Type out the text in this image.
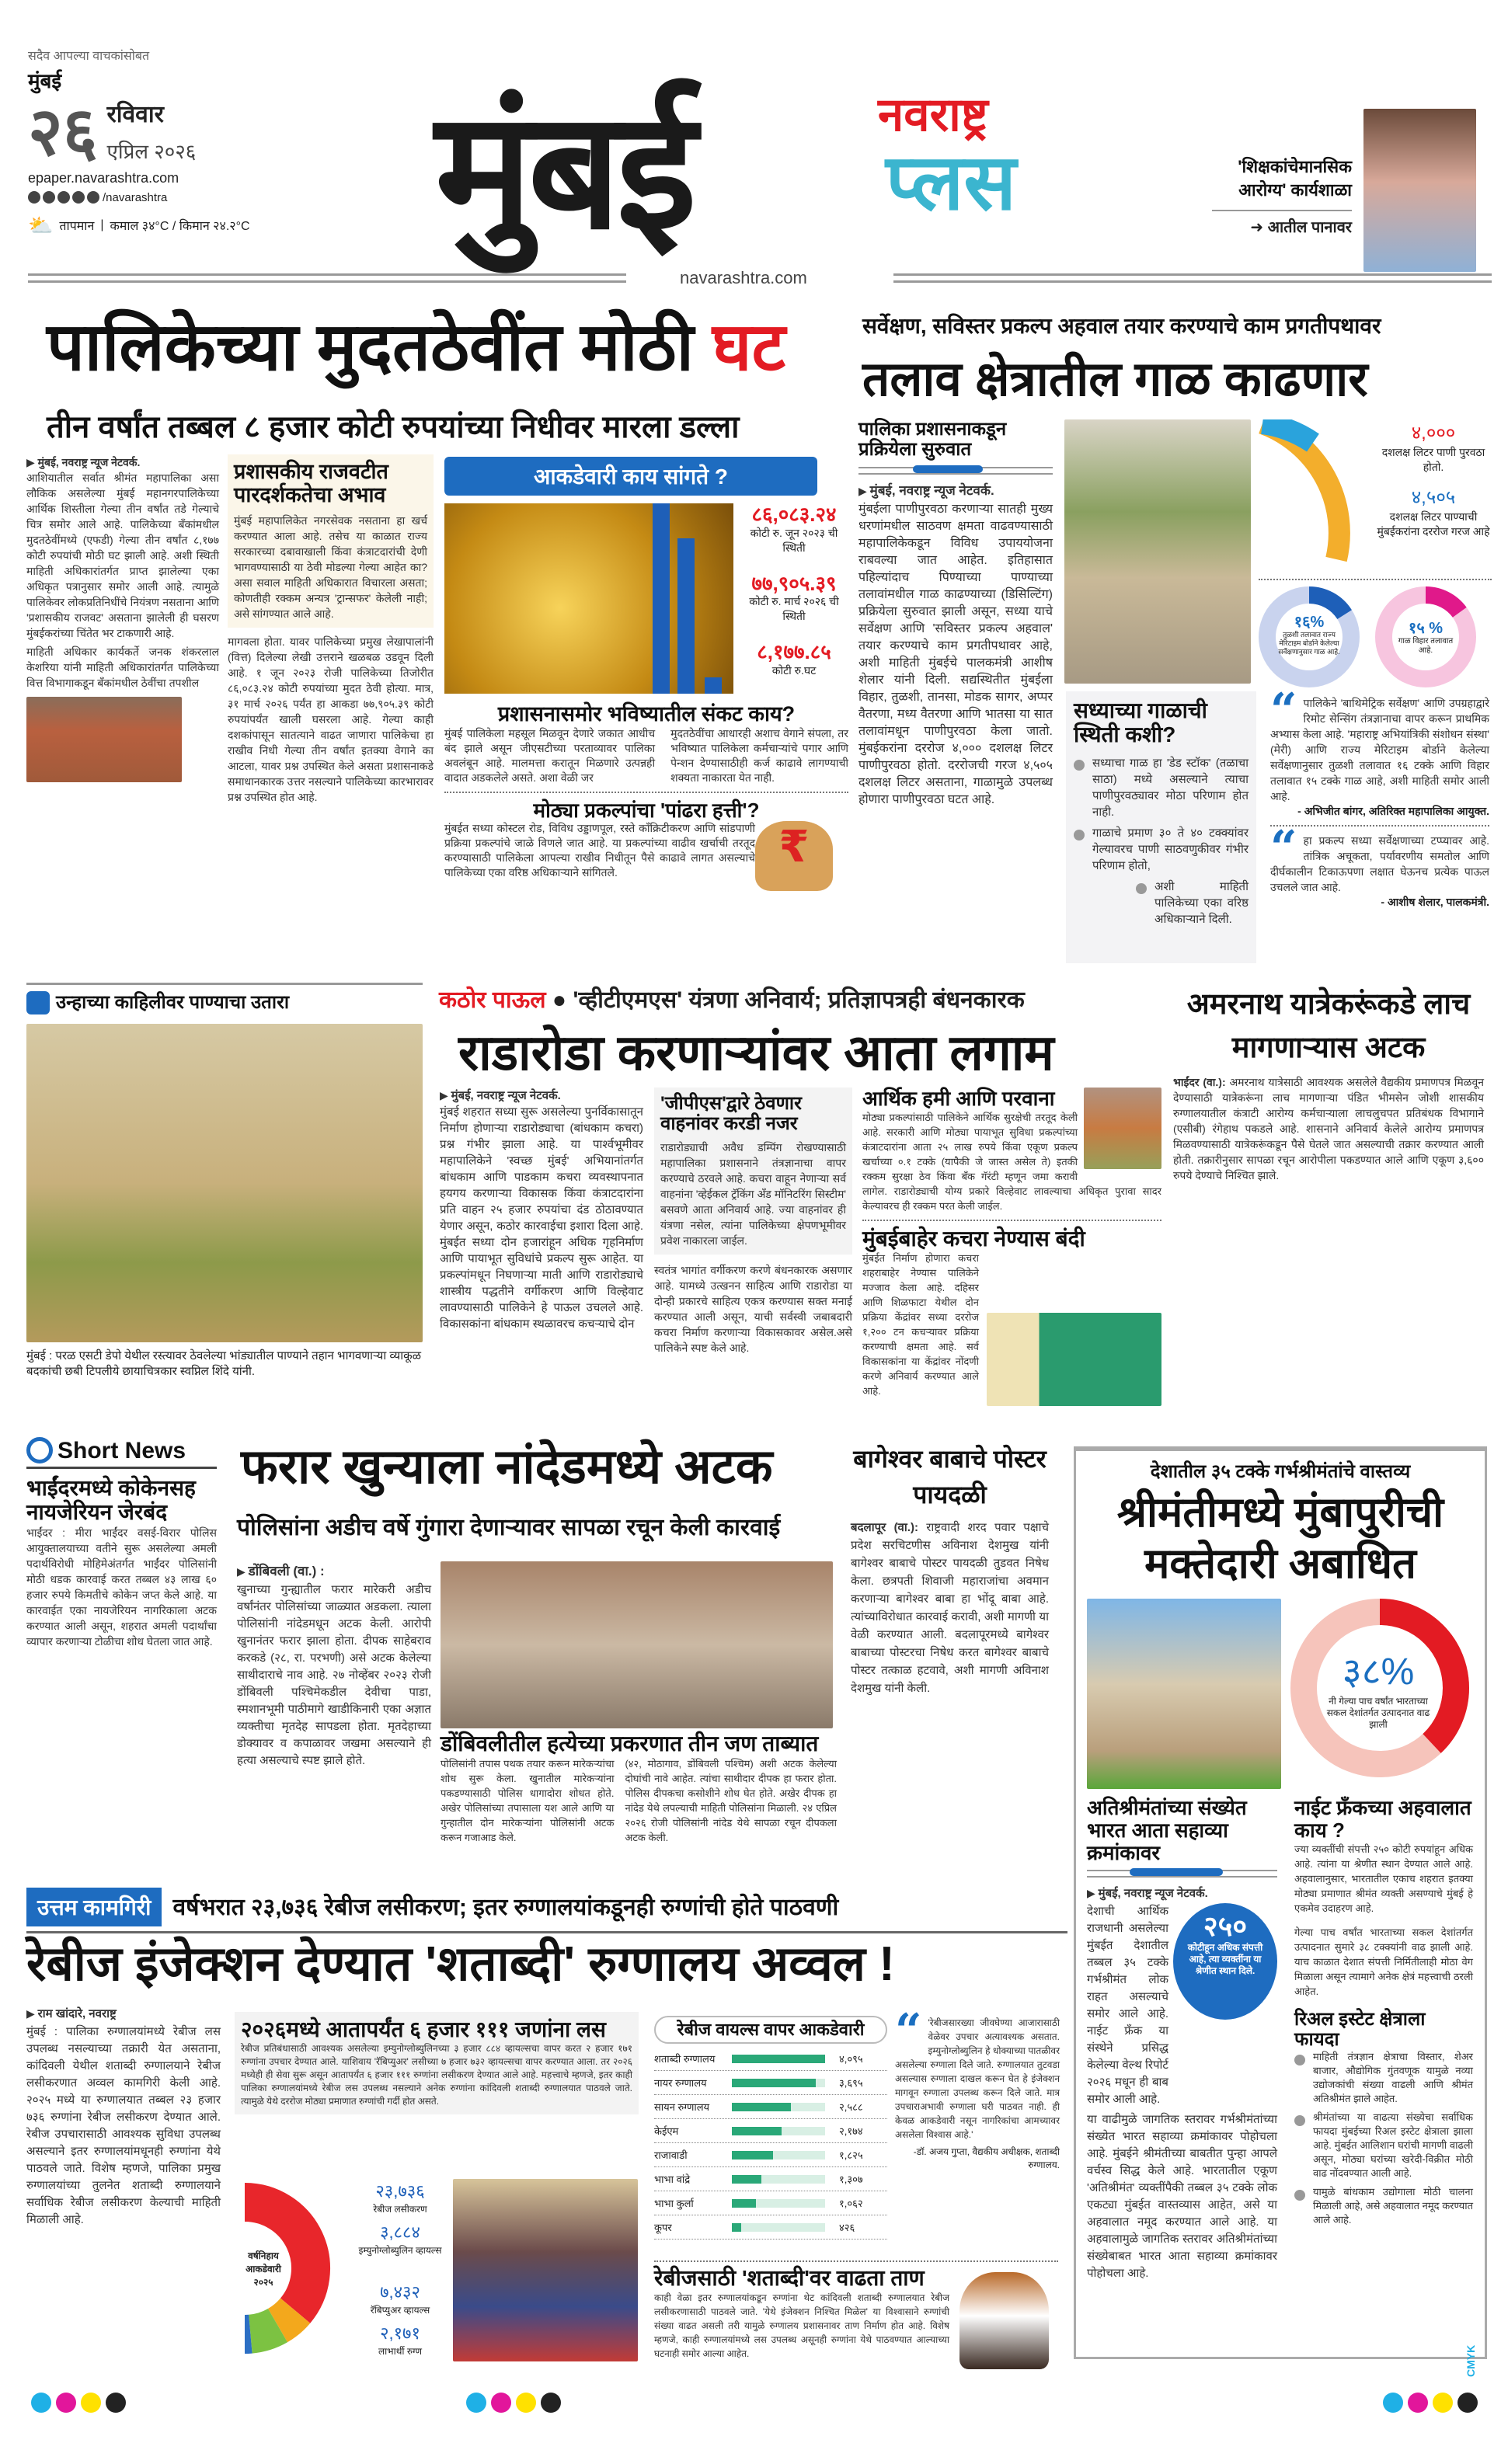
सदैव आपल्या वाचकांसोबत
मुंबई
२६ रविवार
एप्रिल २०२६
epaper.navarashtra.com
/navarashtra
⛅ तापमान | कमाल ३४°C / किमान २४.२°C मुंबई	नवराष्ट्र
प्लस
navarashtra.com
'शिक्षकांचेमानसिक आरोग्य' कार्यशाळा
➜ आतील पानावर
पालिकेच्या मुदतठेवींत मोठी घट
तीन वर्षांत तब्बल ८ हजार कोटी रुपयांच्या निधीवर मारला डल्ला
▶ मुंबई, नवराष्ट्र न्यूज नेटवर्क.
आशियातील सर्वात श्रीमंत महापालिका असा लौकिक असलेल्या मुंबई महानगरपालिकेच्या आर्थिक शिस्तीला गेल्या तीन वर्षांत तडे गेल्याचे चित्र समोर आले आहे. पालिकेच्या बँकांमधील मुदतठेवींमध्ये (एफडी) गेल्या तीन वर्षांत ८,१७७ कोटी रुपयांची मोठी घट झाली आहे. अशी स्थिती माहिती अधिकारांतर्गत प्राप्त झालेल्या एका अधिकृत पत्रानुसार समोर आली आहे. त्यामुळे पालिकेवर लोकप्रतिनिधींचे नियंत्रण नसताना आणि 'प्रशासकीय राजवट' असताना झालेली ही घसरण मुंबईकरांच्या चिंतेत भर टाकणारी आहे.
माहिती अधिकार कार्यकर्ते जनक शंकरलाल केशरिया यांनी माहिती अधिकारांतर्गत पालिकेच्या वित्त विभागाकडून बँकांमधील ठेवींचा तपशील
प्रशासकीय राजवटीत पारदर्शकतेचा अभाव
मुंबई महापालिकेत नगरसेवक नसताना हा खर्च करण्यात आला आहे. तसेच या काळात राज्य सरकारच्या दबावाखाली किंवा कंत्राटदारांची देणी भागवण्यासाठी या ठेवी मोडल्या गेल्या आहेत का? असा सवाल माहिती अधिकारात विचारला असता; कोणतीही रक्कम अन्यत्र 'ट्रान्सफर' केलेली नाही; असे सांगण्यात आले आहे.
मागवला होता. यावर पालिकेच्या प्रमुख लेखापालांनी (वित्त) दिलेल्या लेखी उत्तराने खळबळ उडवून दिली आहे. १ जून २०२३ रोजी पालिकेच्या तिजोरीत ८६,०८३.२४ कोटी रुपयांच्या मुदत ठेवी होत्या. मात्र, ३१ मार्च २०२६ पर्यंत हा आकडा ७७,९०५.३९ कोटी रुपयांपर्यंत खाली घसरला आहे. गेल्या काही दशकांपासून सातत्याने वाढत जाणारा पालिकेचा हा राखीव निधी गेल्या तीन वर्षांत इतक्या वेगाने का आटला, यावर प्रश्न उपस्थित केले असता प्रशासनाकडे समाधानकारक उत्तर नसल्याने पालिकेच्या कारभारावर प्रश्न उपस्थित होत आहे.
आकडेवारी काय सांगते ?
८६,०८३.२४
कोटी रु. जून २०२३ ची स्थिती
७७,९०५.३९
कोटी रु. मार्च २०२६ ची स्थिती
८,१७७.८५
कोटी रु.घट
प्रशासनासमोर भविष्यातील संकट काय?
मुंबई पालिकेला महसूल मिळवून देणारे जकात आधीच बंद झाले असून जीएसटीच्या परताव्यावर पालिका अवलंबून आहे. मालमत्ता करातून मिळणारे उत्पन्नही वादात अडकलेले असते. अशा वेळी जर
मुदतठेवींचा आधारही अशाच वेगाने संपला, तर भविष्यात पालिकेला कर्मचाऱ्यांचे पगार आणि पेन्शन देण्यासाठीही कर्ज काढावे लागण्याची शक्यता नाकारता येत नाही.
मोठ्या प्रकल्पांचा 'पांढरा हत्ती'?
मुंबईत सध्या कोस्टल रोड, विविध उड्डाणपूल, रस्ते काँक्रिटीकरण आणि सांडपाणी प्रक्रिया प्रकल्पांचे जाळे विणले जात आहे. या प्रकल्पांच्या वाढीव खर्चाची तरतूद करण्यासाठी पालिकेला आपल्या राखीव निधीतून पैसे काढावे लागत असल्याचे पालिकेच्या एका वरिष्ठ अधिकाऱ्याने सांगितले.
₹
सर्वेक्षण, सविस्तर प्रकल्प अहवाल तयार करण्याचे काम प्रगतीपथावर
तलाव क्षेत्रातील गाळ काढणार
पालिका प्रशासनाकडून प्रक्रियेला सुरुवात
▶ मुंबई, नवराष्ट्र न्यूज नेटवर्क.
मुंबईला पाणीपुरवठा करणाऱ्या सातही मुख्य धरणांमधील साठवण क्षमता वाढवण्यासाठी महापालिकेकडून विविध उपाययोजना राबवल्या जात आहेत. इतिहासात पहिल्यांदाच पिण्याच्या पाण्याच्या तलावांमधील गाळ काढण्याच्या (डिसिल्टिंग) प्रक्रियेला सुरुवात झाली असून, सध्या याचे सर्वेक्षण आणि 'सविस्तर प्रकल्प अहवाल' तयार करण्याचे काम प्रगतीपथावर आहे, अशी माहिती मुंबईचे पालकमंत्री आशीष शेलार यांनी दिली. सद्यस्थितीत मुंबईला विहार, तुळशी, तानसा, मोडक सागर, अप्पर वैतरणा, मध्य वैतरणा आणि भातसा या सात तलावांमधून पाणीपुरवठा केला जातो. मुंबईकरांना दररोज ४,००० दशलक्ष लिटर पाणीपुरवठा होतो. दररोजची गरज ४,५०५ दशलक्ष लिटर असताना, गाळामुळे उपलब्ध होणारा पाणीपुरवठा घटत आहे.
४,०००
दशलक्ष लिटर पाणी पुरवठा होतो.
४,५०५
दशलक्ष लिटर पाण्याची मुंबईकरांना दररोज गरज आहे
१६%
तुळशी तलावात राज्य मेरिटाइम बोर्डाने केलेल्या सर्वेक्षणानुसार गाळ आहे.
१५ %
गाळ विहार तलावात आहे.
सध्याच्या गाळाची स्थिती कशी?
सध्याचा गाळ हा 'डेड स्टॉक' (तळाचा साठा) मध्ये असल्याने त्याचा पाणीपुरवठ्यावर मोठा परिणाम होत नाही.
गाळाचे प्रमाण ३० ते ४० टक्क्यांवर गेल्यावरच पाणी साठवणुकीवर गंभीर परिणाम होतो,
अशी माहिती पालिकेच्या एका वरिष्ठ अधिकाऱ्याने दिली.
“ पालिकेने 'बाथिमेट्रिक सर्वेक्षण' आणि उपग्रहाद्वारे रिमोट सेन्सिंग तंत्रज्ञानाचा वापर करून प्राथमिक अभ्यास केला आहे. 'महाराष्ट्र अभियांत्रिकी संशोधन संस्था' (मेरी) आणि राज्य मेरिटाइम बोर्डाने केलेल्या सर्वेक्षणानुसार तुळशी तलावात १६ टक्के आणि विहार तलावात १५ टक्के गाळ आहे, अशी माहिती समोर आली आहे.
- अभिजीत बांगर, अतिरिक्त महापालिका आयुक्त.
“ हा प्रकल्प सध्या सर्वेक्षणाच्या टप्प्यावर आहे. तांत्रिक अचूकता, पर्यावरणीय समतोल आणि दीर्घकालीन टिकाऊपणा लक्षात घेऊनच प्रत्येक पाऊल उचलले जात आहे.
- आशीष शेलार, पालकमंत्री.
उन्हाच्या काहिलीवर पाण्याचा उतारा
मुंबई : परळ एसटी डेपो येथील रस्त्यावर ठेवलेल्या भांड्यातील पाण्याने तहान भागवणाऱ्या व्याकूळ बदकांची छबी टिपलीये छायाचित्रकार स्वप्निल शिंदे यांनी.
कठोर पाऊल ● 'व्हीटीएमएस' यंत्रणा अनिवार्य; प्रतिज्ञापत्रही बंधनकारक
राडारोडा करणाऱ्यांवर आता लगाम
▶ मुंबई, नवराष्ट्र न्यूज नेटवर्क.
मुंबई शहरात सध्या सुरू असलेल्या पुनर्विकासातून निर्माण होणाऱ्या राडारोड्याचा (बांधकाम कचरा) प्रश्न गंभीर झाला आहे. या पार्श्वभूमीवर महापालिकेने 'स्वच्छ मुंबई' अभियानांतर्गत बांधकाम आणि पाडकाम कचरा व्यवस्थापनात हयगय करणाऱ्या विकासक किंवा कंत्राटदारांना प्रति वाहन २५ हजार रुपयांचा दंड ठोठावण्यात येणार असून, कठोर कारवाईचा इशारा दिला आहे. मुंबईत सध्या दोन हजारांहून अधिक गृहनिर्माण आणि पायाभूत सुविधांचे प्रकल्प सुरू आहेत. या प्रकल्पांमधून निघणाऱ्या माती आणि राडारोड्याचे शास्त्रीय पद्धतीने वर्गीकरण आणि विल्हेवाट लावण्यासाठी पालिकेने हे पाऊल उचलले आहे. विकासकांना बांधकाम स्थळावरच कचऱ्याचे दोन
'जीपीएस'द्वारे ठेवणार वाहनांवर करडी नजर
राडारोड्याची अवैध डम्पिंग रोखण्यासाठी महापालिका प्रशासनाने तंत्रज्ञानाचा वापर करण्याचे ठरवले आहे. कचरा वाहून नेणाऱ्या सर्व वाहनांना 'व्हेईकल ट्रॅकिंग अँड मॉनिटरिंग सिस्टीम' बसवणे आता अनिवार्य आहे. ज्या वाहनांवर ही यंत्रणा नसेल, त्यांना पालिकेच्या क्षेपणभूमीवर प्रवेश नाकारला जाईल.
स्वतंत्र भागांत वर्गीकरण करणे बंधनकारक असणार आहे. यामध्ये उत्खनन साहित्य आणि राडारोडा या दोन्ही प्रकारचे साहित्य एकत्र करण्यास सक्त मनाई करण्यात आली असून, याची सर्वस्वी जबाबदारी कचरा निर्माण करणाऱ्या विकासकावर असेल.असे पालिकेने स्पष्ट केले आहे.
आर्थिक हमी आणि परवाना
मोठ्या प्रकल्पांसाठी पालिकेने आर्थिक सुरक्षेची तरतूद केली आहे. सरकारी आणि मोठ्या पायाभूत सुविधा प्रकल्पांच्या कंत्राटदारांना आता २५ लाख रुपये किंवा एकूण प्रकल्प खर्चाच्या ०.१ टक्के (यापैकी जे जास्त असेल ते) इतकी रक्कम सुरक्षा ठेव किंवा बँक गॅरंटी म्हणून जमा करावी लागेल. राडारोड्याची योग्य प्रकारे विल्हेवाट लावल्याचा अधिकृत पुरावा सादर केल्यावरच ही रक्कम परत केली जाईल.
मुंबईबाहेर कचरा नेण्यास बंदी
मुंबईत निर्माण होणारा कचरा शहराबाहेर नेण्यास पालिकेने मज्जाव केला आहे. दहिसर आणि शिळफाटा येथील दोन प्रक्रिया केंद्रांवर सध्या दररोज १,२०० टन कचऱ्यावर प्रक्रिया करण्याची क्षमता आहे. सर्व विकासकांना या केंद्रांवर नोंदणी करणे अनिवार्य करण्यात आले आहे.
अमरनाथ यात्रेकरूंकडे लाच मागणाऱ्यास अटक
भाईंदर (वा.): अमरनाथ यात्रेसाठी आवश्यक असलेले वैद्यकीय प्रमाणपत्र मिळवून देण्यासाठी यात्रेकरूंना लाच मागणाऱ्या पंडित भीमसेन जोशी शासकीय रुग्णालयातील कंत्राटी आरोग्य कर्मचाऱ्याला लाचलुचपत प्रतिबंधक विभागाने (एसीबी) रंगेहाथ पकडले आहे. शासनाने अनिवार्य केलेले आरोग्य प्रमाणपत्र मिळवण्यासाठी यात्रेकरूंकडून पैसे घेतले जात असल्याची तक्रार करण्यात आली होती. तक्रारीनुसार सापळा रचून आरोपीला पकडण्यात आले आणि एकूण ३,६०० रुपये देण्याचे निश्चित झाले.
Short News
भाईंदरमध्ये कोकेनसह नायजेरियन जेरबंद
भाईंदर : मीरा भाईंदर वसई-विरार पोलिस आयुक्तालयाच्या वतीने सुरू असलेल्या अमली पदार्थविरोधी मोहिमेअंतर्गत भाईंदर पोलिसांनी मोठी धडक कारवाई करत तब्बल ४३ लाख ६० हजार रुपये किमतीचे कोकेन जप्त केले आहे. या कारवाईत एका नायजेरियन नागरिकाला अटक करण्यात आली असून, शहरात अमली पदार्थांचा व्यापार करणाऱ्या टोळीचा शोध घेतला जात आहे.
फरार खुन्याला नांदेडमध्ये अटक
पोलिसांना अडीच वर्षे गुंगारा देणाऱ्यावर सापळा रचून केली कारवाई
▶ डोंबिवली (वा.) :
खुनाच्या गुन्ह्यातील फरार मारेकरी अडीच वर्षांनंतर पोलिसांच्या जाळ्यात अडकला. त्याला पोलिसांनी नांदेडमधून अटक केली. आरोपी खुनानंतर फरार झाला होता. दीपक साहेबराव करकडे (२८, रा. परभणी) असे अटक केलेल्या साथीदाराचे नाव आहे. २७ नोव्हेंबर २०२३ रोजी डोंबिवली पश्चिमेकडील देवीचा पाडा, स्मशानभूमी पाठीमागे खाडीकिनारी एका अज्ञात व्यक्तीचा मृतदेह सापडला होता. मृतदेहाच्या डोक्यावर व कपाळावर जखमा असल्याने ही हत्या असल्याचे स्पष्ट झाले होते.
डोंबिवलीतील हत्येच्या प्रकरणात तीन जण ताब्यात
पोलिसांनी तपास पथक तयार करून मारेकऱ्यांचा शोध सुरू केला. खुनातील मारेकऱ्यांना पकडण्यासाठी पोलिस धागादोरा शोधत होते. अखेर पोलिसांच्या तपासाला यश आले आणि या गुन्हातील दोन मारेकऱ्यांना पोलिसांनी अटक करून गजाआड केले.
(४२, मोठागाव, डोंबिवली पश्चिम) अशी अटक केलेल्या दोघांची नावे आहेत. त्यांचा साथीदार दीपक हा फरार होता. पोलिस दीपकचा कसोशीने शोध घेत होते. अखेर दीपक हा नांदेड येथे लपल्याची माहिती पोलिसांना मिळाली. २४ एप्रिल २०२६ रोजी पोलिसांनी नांदेड येथे सापळा रचून दीपकला अटक केली.
बागेश्वर बाबाचे पोस्टर पायदळी
बदलापूर (वा.): राष्ट्रवादी शरद पवार पक्षाचे प्रदेश सरचिटणीस अविनाश देशमुख यांनी बागेश्वर बाबाचे पोस्टर पायदळी तुडवत निषेध केला. छत्रपती शिवाजी महाराजांचा अवमान करणाऱ्या बागेश्वर बाबा हा भोंदू बाबा आहे. त्यांच्याविरोधात कारवाई करावी, अशी मागणी या वेळी करण्यात आली. बदलापूरमध्ये बागेश्वर बाबाच्या पोस्टरचा निषेध करत बागेश्वर बाबाचे पोस्टर तत्काळ हटवावे, अशी मागणी अविनाश देशमुख यांनी केली.
देशातील ३५ टक्के गर्भश्रीमंतांचे वास्तव्य
श्रीमंतीमध्ये मुंबापुरीची मक्तेदारी अबाधित
३८%
नी गेल्या पाच वर्षांत भारताच्या सकल देशांतर्गत उत्पादनात वाढ झाली
अतिश्रीमंतांच्या संख्येत भारत आता सहाव्या क्रमांकावर
▶ मुंबई, नवराष्ट्र न्यूज नेटवर्क.
देशाची आर्थिक राजधानी असलेल्या मुंबईत देशातील तब्बल ३५ टक्के गर्भश्रीमंत लोक राहत असल्याचे समोर आले आहे. नाईट फ्रँक या संस्थेने प्रसिद्ध केलेल्या वेल्थ रिपोर्ट २०२६ मधून ही बाब समोर आली आहे.
२५०
कोटीहून अधिक संपत्ती आहे, त्या व्यक्तींना या श्रेणीत स्थान दिले.
या वाढीमुळे जागतिक स्तरावर गर्भश्रीमंतांच्या संख्येत भारत सहाव्या क्रमांकावर पोहोचला आहे. मुंबईने श्रीमंतीच्या बाबतीत पुन्हा आपले वर्चस्व सिद्ध केले आहे. भारतातील एकूण 'अतिश्रीमंत' व्यक्तींपैकी तब्बल ३५ टक्के लोक एकट्या मुंबईत वास्तव्यास आहेत, असे या अहवालात नमूद करण्यात आले आहे. या अहवालामुळे जागतिक स्तरावर अतिश्रीमंतांच्या संख्येबाबत भारत आता सहाव्या क्रमांकावर पोहोचला आहे.
नाईट फ्रँकच्या अहवालात काय ?
ज्या व्यक्तींची संपत्ती २५० कोटी रुपयांहून अधिक आहे. त्यांना या श्रेणीत स्थान देण्यात आले आहे. अहवालानुसार, भारतातील एकाच शहरात इतक्या मोठ्या प्रमाणात श्रीमंत व्यक्ती असण्याचे मुंबई हे एकमेव उदाहरण आहे.
गेल्या पाच वर्षांत भारताच्या सकल देशांतर्गत उत्पादनात सुमारे ३८ टक्क्यांनी वाढ झाली आहे. याच काळात देशात संपत्ती निर्मितीलाही मोठा वेग मिळाला असून त्यामागे अनेक क्षेत्रं महत्त्वाची ठरली आहेत.
रिअल इस्टेट क्षेत्राला फायदा
माहिती तंत्रज्ञान क्षेत्राचा विस्तार, शेअर बाजार, औद्योगिक गुंतवणूक यामुळे नव्या उद्योजकांची संख्या वाढली आणि श्रीमंत अतिश्रीमंत झाले आहेत.
श्रीमंतांच्या या वाढत्या संख्येचा सर्वाधिक फायदा मुंबईच्या रिअल इस्टेट क्षेत्राला झाला आहे. मुंबईत आलिशान घरांची मागणी वाढली असून, मोठ्या घरांच्या खरेदी-विक्रीत मोठी वाढ नोंदवण्यात आली आहे.
यामुळे बांधकाम उद्योगाला मोठी चालना मिळाली आहे, असे अहवालात नमूद करण्यात आले आहे.
उत्तम कामगिरी वर्षभरात २३,७३६ रेबीज लसीकरण; इतर रुग्णालयांकडूनही रुग्णांची होते पाठवणी
रेबीज इंजेक्शन देण्यात 'शताब्दी' रुग्णालय अव्वल !
▶ राम खांदारे, नवराष्ट्र
मुंबई : पालिका रुग्णालयांमध्ये रेबीज लस उपलब्ध नसल्याच्या तक्रारी येत असताना, कांदिवली येथील शताब्दी रुग्णालयाने रेबीज लसीकरणात अव्वल कामगिरी केली आहे. २०२५ मध्ये या रुग्णालयात तब्बल २३ हजार ७३६ रुग्णांना रेबीज लसीकरण देण्यात आले. रेबीज उपचारासाठी आवश्यक सुविधा उपलब्ध असल्याने इतर रुग्णालयांमधूनही रुग्णांना येथे पाठवले जाते. विशेष म्हणजे, पालिका प्रमुख रुग्णालयांच्या तुलनेत शताब्दी रुग्णालयाने सर्वाधिक रेबीज लसीकरण केल्याची माहिती मिळाली आहे.
२०२६मध्ये आतापर्यंत ६ हजार १११ जणांना लस
रेबीज प्रतिबंधासाठी आवश्यक असलेल्या इम्युनोग्लोब्युलिनच्या ३ हजार ८८४ व्हायल्सचा वापर करत २ हजार १७१ रुग्णांना उपचार देण्यात आले. याशिवाय 'रॅबिप्युअर' लसीच्या ७ हजार ७३२ व्हायल्सचा वापर करण्यात आला. तर २०२६ मध्येही ही सेवा सुरू असून आतापर्यंत ६ हजार १११ रुग्णांना लसीकरण देण्यात आले आहे. महत्त्वाचे म्हणजे, इतर काही पालिका रुग्णालयांमध्ये रेबीज लस उपलब्ध नसल्याने अनेक रुग्णांना कांदिवली शताब्दी रुग्णालयात पाठवले जाते. त्यामुळे येथे दररोज मोठ्या प्रमाणात रुग्णांची गर्दी होत असते.
वर्षनिहाय आकडेवारी २०२५
२३,७३६
रेबीज लसीकरण
३,८८४
इम्युनोग्लोब्युलिन व्हायल्स
७,४३२
रॅबिप्युअर व्हायल्स
२,१७१
लाभार्थी रुग्ण
रेबीज वायल्स वापर आकडेवारी
शताब्दी रुग्णालय	४,०९५
नायर रुग्णालय	३,६९५
सायन रुग्णालय	२,५८८
केईएम	२,१७४
राजावाडी	१,८२५
भाभा वांद्रे	१,३०७
भाभा कुर्ला	१,०६२
कूपर	४२६
“ 'रेबीजसारख्या जीवघेण्या आजारासाठी वेळेवर उपचार अत्यावश्यक असतात. इम्युनोग्लोब्युलिन हे धोक्याच्या पातळीवर असलेल्या रुग्णाला दिले जाते. रुग्णालयात तुटवडा असल्यास रुग्णाला दाखल करून घेत हे इंजेक्शन मागवून रुग्णाला उपलब्ध करून दिले जाते. मात्र उपचाराअभावी रुग्णाला घरी पाठवत नाही. ही केवळ आकडेवारी नसून नागरिकांचा आमच्यावर असलेला विश्वास आहे.'
-डॉ. अजय गुप्ता, वैद्यकीय अधीक्षक, शताब्दी रुग्णालय.
रेबीजसाठी 'शताब्दी'वर वाढता ताण
काही वेळा इतर रुग्णालयांकडून रुग्णांना थेट कांदिवली शताब्दी रुग्णालयात रेबीज लसीकरणासाठी पाठवले जाते. 'येथे इंजेक्शन निश्चित मिळेल' या विश्वासाने रुग्णांची संख्या वाढत असली तरी यामुळे रुग्णालय प्रशासनावर ताण निर्माण होत आहे. विशेष म्हणजे, काही रुग्णालयांमध्ये लस उपलब्ध असूनही रुग्णांना येथे पाठवण्यात आल्याच्या घटनाही समोर आल्या आहेत.	CMYK
